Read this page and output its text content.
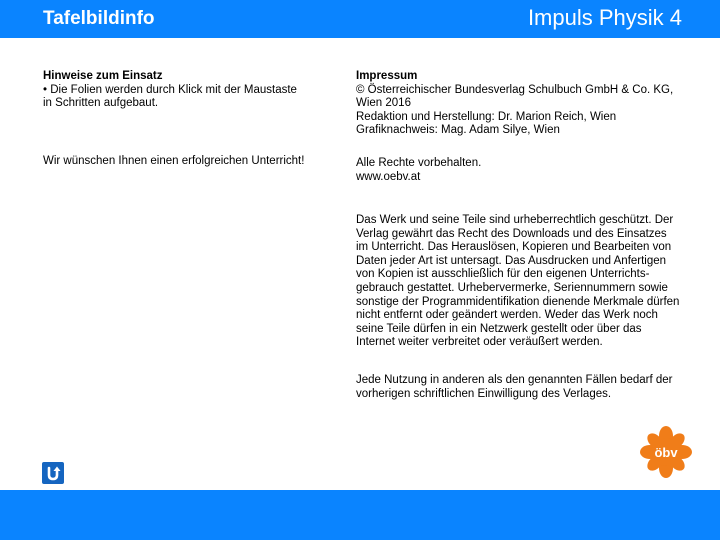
Tafelbildinfo	Impuls Physik 4
Hinweise zum Einsatz
• Die Folien werden durch Klick mit der Maustaste
in Schritten aufgebaut.
Wir wünschen Ihnen einen erfolgreichen Unterricht!
Impressum
© Österreichischer Bundesverlag Schulbuch GmbH & Co. KG,
Wien 2016
Redaktion und Herstellung: Dr. Marion Reich, Wien
Grafiknachweis: Mag. Adam Silye, Wien
Alle Rechte vorbehalten.
www.oebv.at
Das Werk und seine Teile sind urheberrechtlich geschützt. Der
Verlag gewährt das Recht des Downloads und des Einsatzes
im Unterricht. Das Herauslösen, Kopieren und Bearbeiten von
Daten jeder Art ist untersagt. Das Ausdrucken und Anfertigen
von Kopien ist ausschließlich für den eigenen Unterrichts-
gebrauch gestattet. Urhebervermerke, Seriennummern sowie
sonstige der Programmidentifikation dienende Merkmale dürfen
nicht entfernt oder geändert werden. Weder das Werk noch
seine Teile dürfen in ein Netzwerk gestellt oder über das
Internet weiter verbreitet oder veräußert werden.
Jede Nutzung in anderen als den genannten Fällen bedarf der
vorherigen schriftlichen Einwilligung des Verlages.
öbv
